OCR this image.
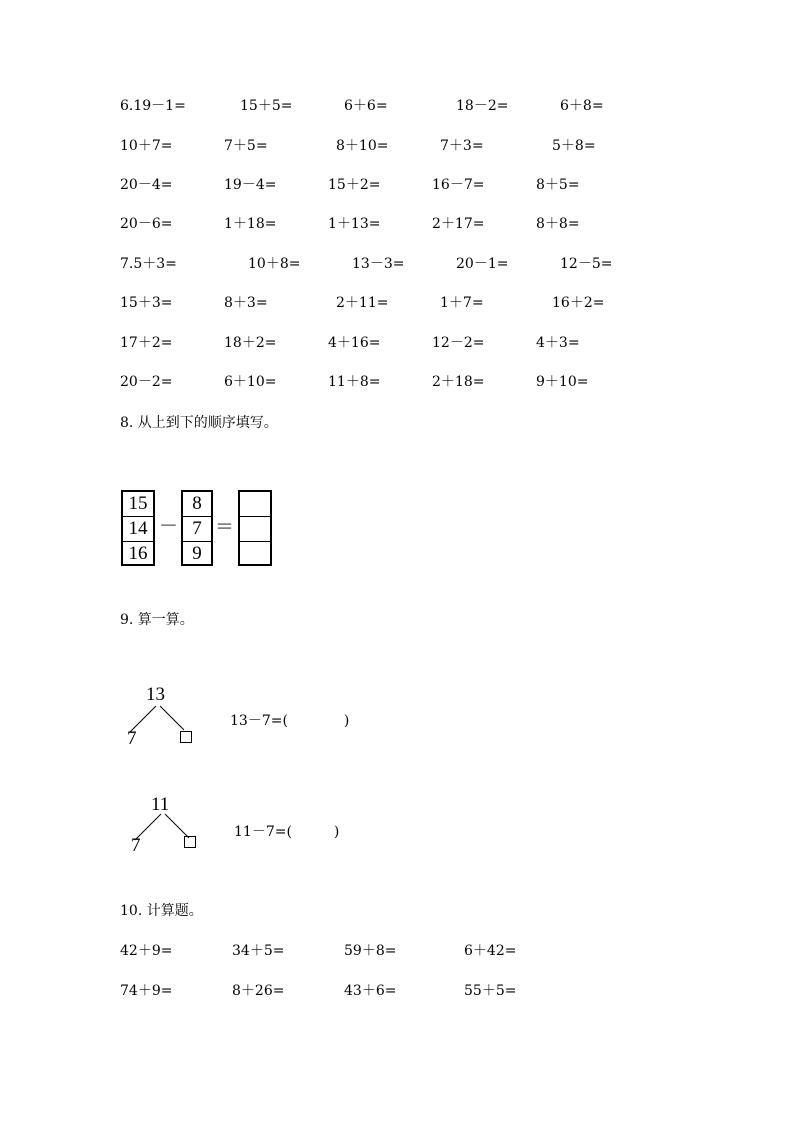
6.19－1=	15＋5=	6＋6=	18－2=	6＋8=
10＋7=	7＋5=	8＋10=	7＋3=	5＋8=
20－4=	19－4=	15＋2=	16－7=	8＋5=
20－6=	1＋18=	1＋13=	2＋17=	8＋8=
7.5＋3=	10＋8=	13－3=	20－1=	12－5=
15＋3=	8＋3=	2＋11=	1＋7=	16＋2=
17＋2=	18＋2=	4＋16=	12－2=	4＋3=
20－2=	6＋10=	11＋8=	2＋18=	9＋10=
8. 从上到下的顺序填写。
15
14
16
－
8
7
9
＝
9. 算一算。
13
7
13－7=(　　　　)
11
7
11－7=(　　　)
10. 计算题。
42＋9=	34＋5=	59＋8=	6＋42=
74＋9=	8＋26=	43＋6=	55＋5=
